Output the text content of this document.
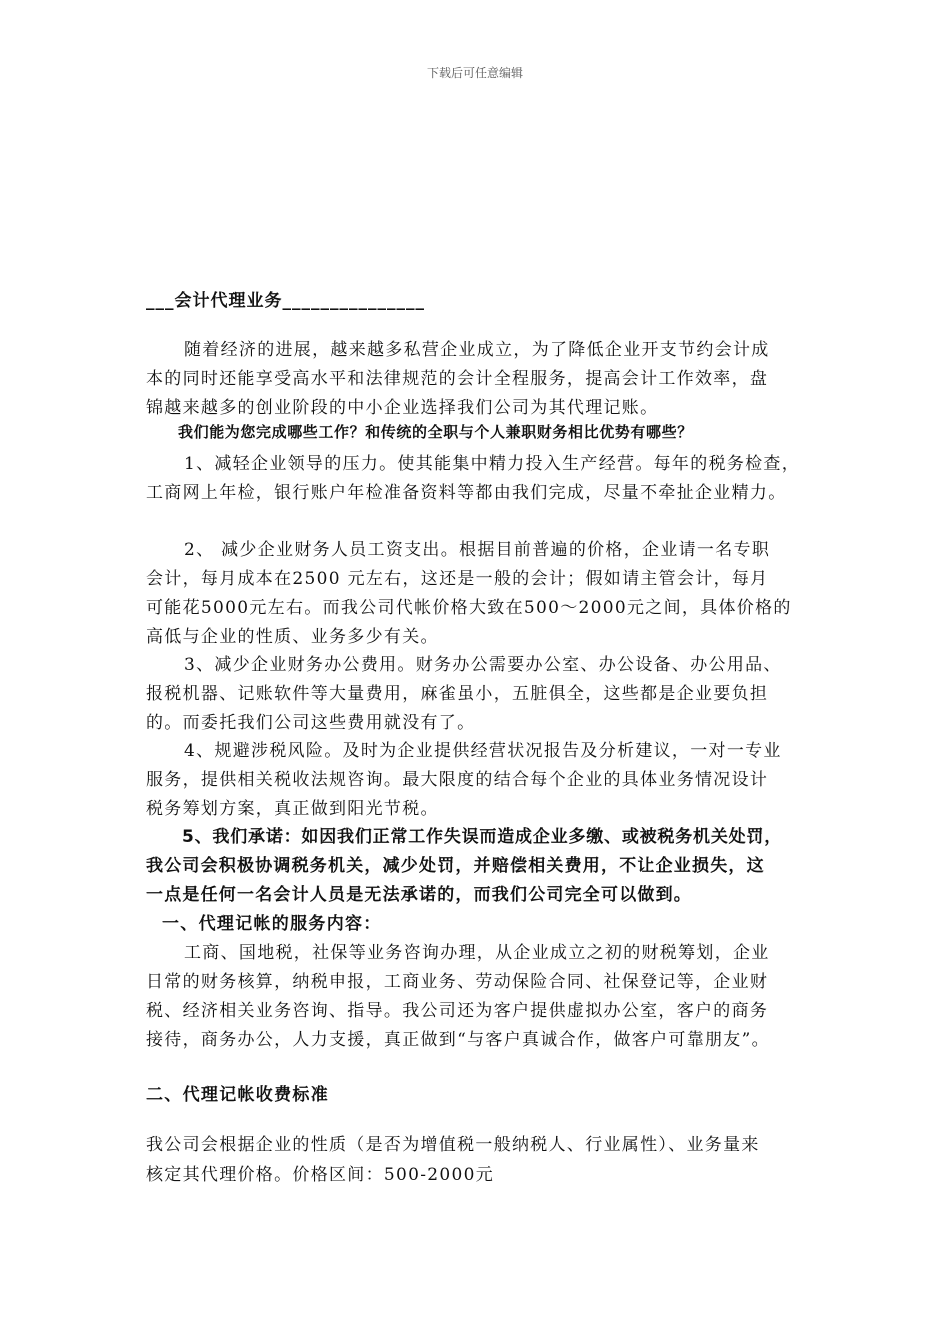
下载后可任意编辑
___会计代理业务_______________
随着经济的进展，越来越多私营企业成立，为了降低企业开支节约会计成
本的同时还能享受高水平和法律规范的会计全程服务，提高会计工作效率，盘
锦越来越多的创业阶段的中小企业选择我们公司为其代理记账。
我们能为您完成哪些工作？和传统的全职与个人兼职财务相比优势有哪些？
1、减轻企业领导的压力。使其能集中精力投入生产经营。每年的税务检查，
工商网上年检，银行账户年检准备资料等都由我们完成，尽量不牵扯企业精力。
2、 减少企业财务人员工资支出。根据目前普遍的价格，企业请一名专职
会计，每月成本在2500 元左右，这还是一般的会计；假如请主管会计，每月
可能花5000元左右。而我公司代帐价格大致在500～2000元之间，具体价格的
高低与企业的性质、业务多少有关。
3、减少企业财务办公费用。财务办公需要办公室、办公设备、办公用品、
报税机器、记账软件等大量费用，麻雀虽小，五脏俱全，这些都是企业要负担
的。而委托我们公司这些费用就没有了。
4、规避涉税风险。及时为企业提供经营状况报告及分析建议，一对一专业
服务，提供相关税收法规咨询。最大限度的结合每个企业的具体业务情况设计
税务筹划方案，真正做到阳光节税。
5、我们承诺：如因我们正常工作失误而造成企业多缴、或被税务机关处罚，
我公司会积极协调税务机关，减少处罚，并赔偿相关费用，不让企业损失，这
一点是任何一名会计人员是无法承诺的，而我们公司完全可以做到。
一、代理记帐的服务内容：
工商、国地税，社保等业务咨询办理，从企业成立之初的财税筹划，企业
日常的财务核算，纳税申报，工商业务、劳动保险合同、社保登记等，企业财
税、经济相关业务咨询、指导。我公司还为客户提供虚拟办公室，客户的商务
接待，商务办公，人力支援，真正做到“与客户真诚合作，做客户可靠朋友”。
二、代理记帐收费标准
我公司会根据企业的性质（是否为增值税一般纳税人、行业属性）、业务量来
核定其代理价格。价格区间：500-2000元
